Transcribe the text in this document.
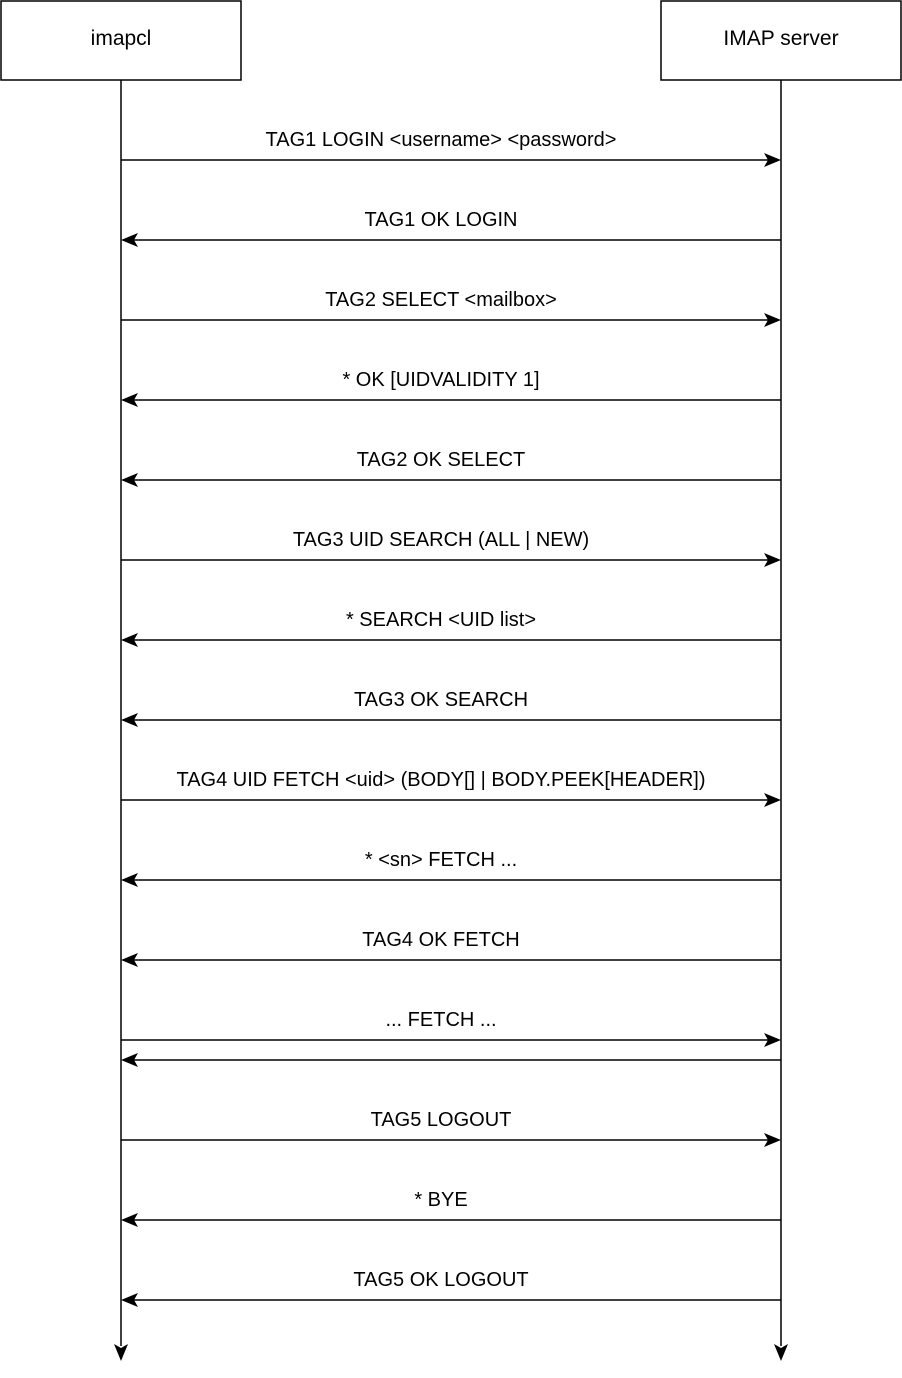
imapcl	IMAP server
TAG1 LOGIN <username> <password>
TAG1 OK LOGIN
TAG2 SELECT <mailbox>
* OK [UIDVALIDITY 1]
TAG2 OK SELECT
TAG3 UID SEARCH (ALL | NEW)
* SEARCH <UID list>
TAG3 OK SEARCH
TAG4 UID FETCH <uid> (BODY[] | BODY.PEEK[HEADER])
* <sn> FETCH ...
TAG4 OK FETCH
... FETCH ...
TAG5 LOGOUT
* BYE
TAG5 OK LOGOUT
